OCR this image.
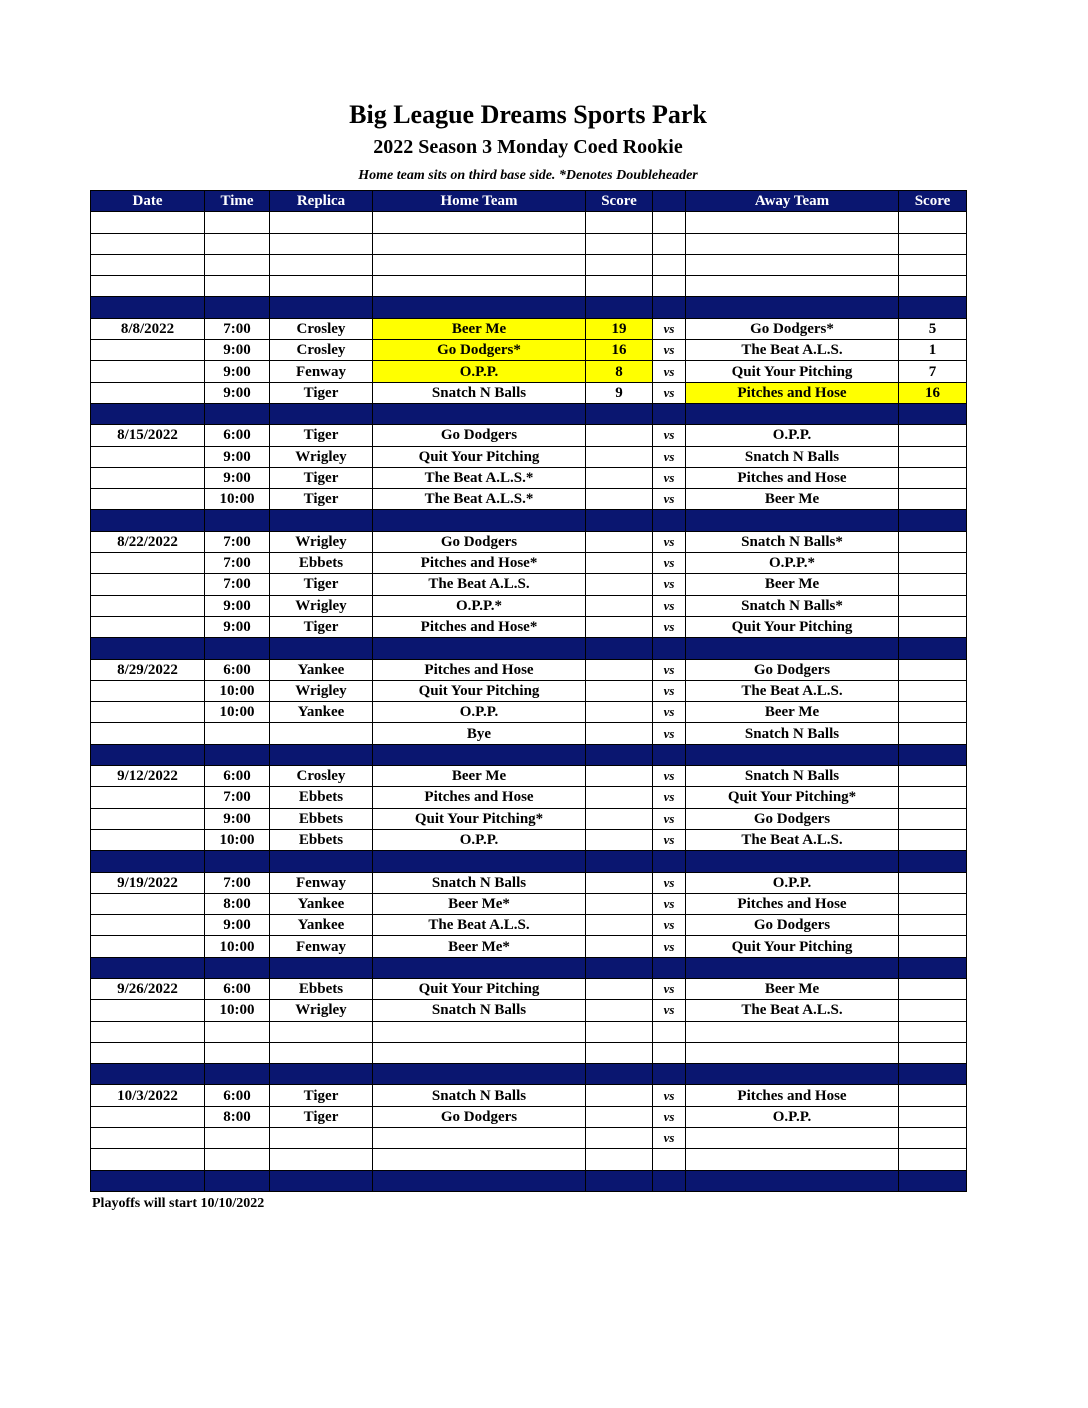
Big League Dreams Sports Park
2022 Season 3 Monday Coed Rookie
Home team sits on third base side. *Denotes Doubleheader
Date	Time	Replica	Home Team	Score		Away Team	Score

8/8/2022	7:00	Crosley	Beer Me	19	vs	Go Dodgers*	5
	9:00	Crosley	Go Dodgers*	16	vs	The Beat A.L.S.	1
	9:00	Fenway	O.P.P.	8	vs	Quit Your Pitching	7
	9:00	Tiger	Snatch N Balls	9	vs	Pitches and Hose	16

8/15/2022	6:00	Tiger	Go Dodgers		vs	O.P.P.	
	9:00	Wrigley	Quit Your Pitching		vs	Snatch N Balls	
	9:00	Tiger	The Beat A.L.S.*		vs	Pitches and Hose	
	10:00	Tiger	The Beat A.L.S.*		vs	Beer Me	

8/22/2022	7:00	Wrigley	Go Dodgers		vs	Snatch N Balls*	
	7:00	Ebbets	Pitches and Hose*		vs	O.P.P.*	
	7:00	Tiger	The Beat A.L.S.		vs	Beer Me	
	9:00	Wrigley	O.P.P.*		vs	Snatch N Balls*	
	9:00	Tiger	Pitches and Hose*		vs	Quit Your Pitching	

8/29/2022	6:00	Yankee	Pitches and Hose		vs	Go Dodgers	
	10:00	Wrigley	Quit Your Pitching		vs	The Beat A.L.S.	
	10:00	Yankee	O.P.P.		vs	Beer Me	
			Bye		vs	Snatch N Balls	

9/12/2022	6:00	Crosley	Beer Me		vs	Snatch N Balls	
	7:00	Ebbets	Pitches and Hose		vs	Quit Your Pitching*	
	9:00	Ebbets	Quit Your Pitching*		vs	Go Dodgers	
	10:00	Ebbets	O.P.P.		vs	The Beat A.L.S.	

9/19/2022	7:00	Fenway	Snatch N Balls		vs	O.P.P.	
	8:00	Yankee	Beer Me*		vs	Pitches and Hose	
	9:00	Yankee	The Beat A.L.S.		vs	Go Dodgers	
	10:00	Fenway	Beer Me*		vs	Quit Your Pitching	

9/26/2022	6:00	Ebbets	Quit Your Pitching		vs	Beer Me	
	10:00	Wrigley	Snatch N Balls		vs	The Beat A.L.S.	

10/3/2022	6:00	Tiger	Snatch N Balls		vs	Pitches and Hose	
	8:00	Tiger	Go Dodgers		vs	O.P.P.	
					vs		

Playoffs will start 10/10/2022
